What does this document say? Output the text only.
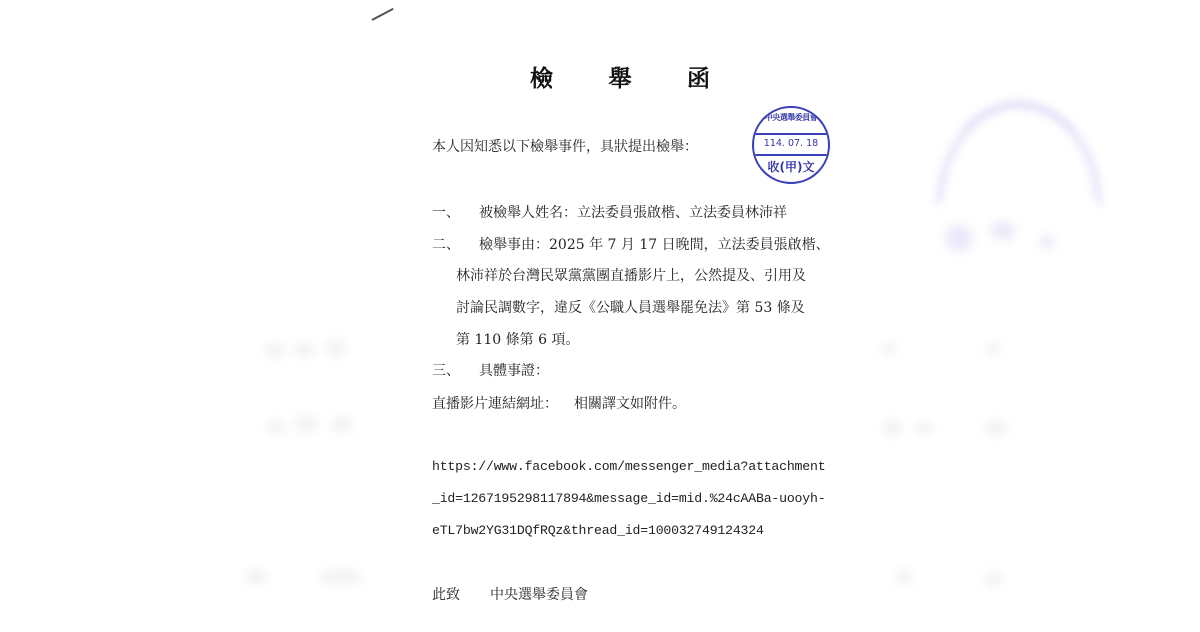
檢 舉 函
本人因知悉以下檢舉事件，具狀提出檢舉：
中央選舉委員會
114. 07. 18
收(甲)文
一、 被檢舉人姓名：立法委員張啟楷、立法委員林沛祥
二、 檢舉事由：2025 年 7 月 17 日晚間，立法委員張啟楷、
林沛祥於台灣民眾黨黨團直播影片上，公然提及、引用及
討論民調數字，違反《公職人員選舉罷免法》第 53 條及
第 110 條第 6 項。
三、 具體事證：
直播影片連結網址： 相關譯文如附件。
https://www.facebook.com/messenger_media?attachment
_id=1267195298117894&message_id=mid.%24cAABa-uooyh-
eTL7bw2YG31DQfRQz&thread_id=100032749124324
此致 中央選舉委員會
